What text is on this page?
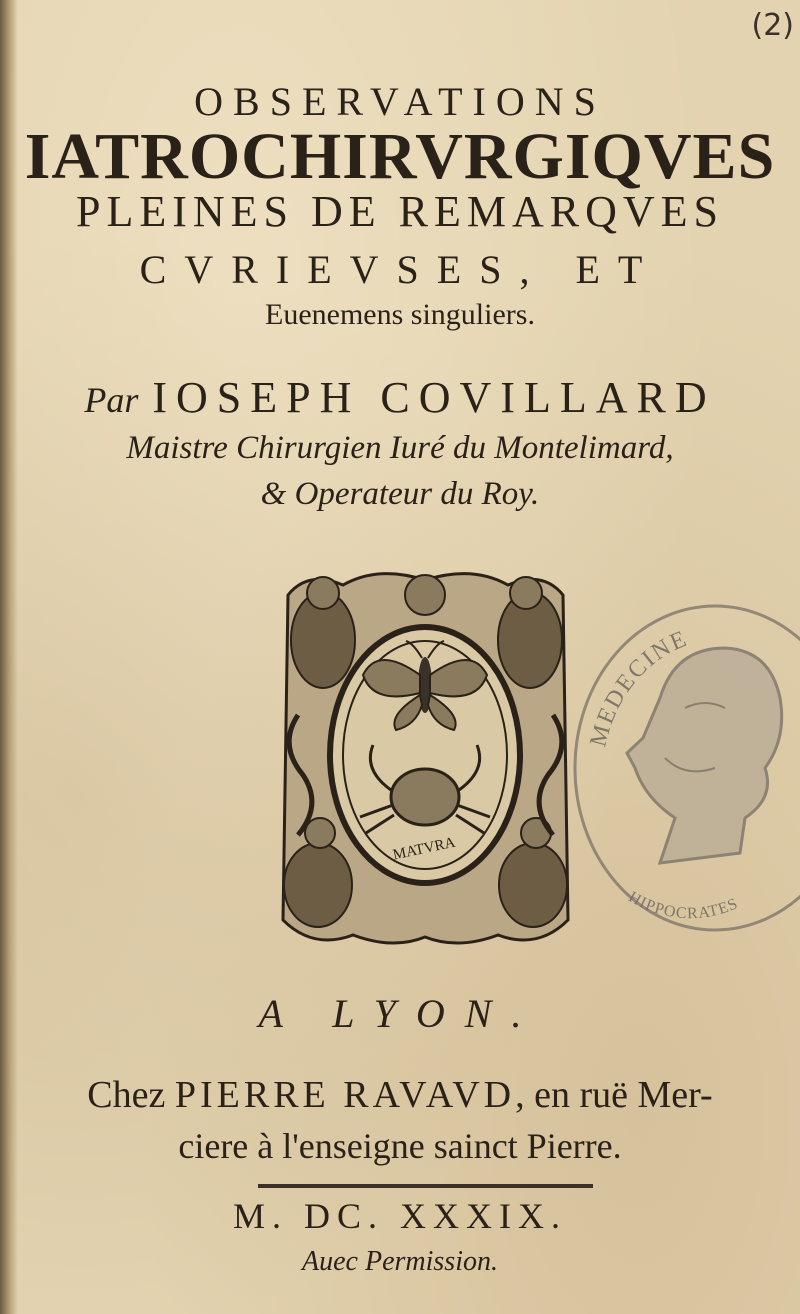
(2)
OBSERVATIONS
IATROCHIRVRGIQVES
PLEINES DE REMARQVES
CVRIEVSES, ET
Euenemens singuliers.
Par IOSEPH COVILLARD
Maistre Chirurgien Iuré du Montelimard,
& Operateur du Roy.
MATVRA
MEDECINE
HIPPOCRATES
A LYON.
Chez PIERRE RAVAVD, en ruë Mer-
ciere à l'enseigne sainct Pierre.
M. DC. XXXIX.
Auec Permission.
